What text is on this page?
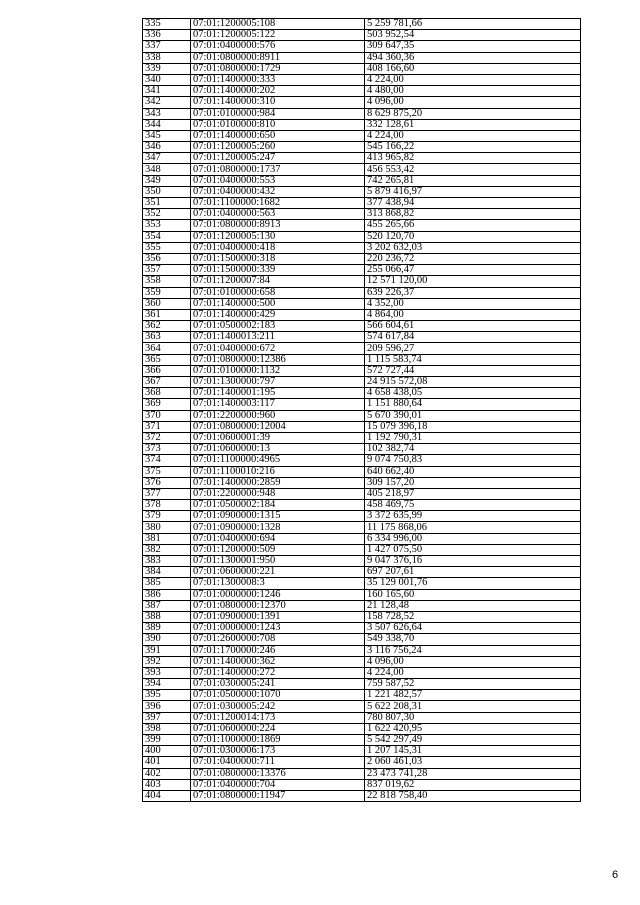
335	07:01:1200005:108	5 259 781,66
336	07:01:1200005:122	503 952,54
337	07:01:0400000:576	309 647,35
338	07:01:0800000:8911	494 360,36
339	07:01:0800000:1729	408 166,60
340	07:01:1400000:333	4 224,00
341	07:01:1400000:202	4 480,00
342	07:01:1400000:310	4 096,00
343	07:01:0100000:984	8 629 875,20
344	07:01:0100000:810	332 128,61
345	07:01:1400000:650	4 224,00
346	07:01:1200005:260	545 166,22
347	07:01:1200005:247	413 965,82
348	07:01:0800000:1737	456 553,42
349	07:01:0400000:553	742 265,81
350	07:01:0400000:432	5 879 416,97
351	07:01:1100000:1682	377 438,94
352	07:01:0400000:563	313 868,82
353	07:01:0800000:8913	455 265,66
354	07:01:1200005:130	520 120,70
355	07:01:0400000:418	3 202 632,03
356	07:01:1500000:318	220 236,72
357	07:01:1500000:339	255 066,47
358	07:01:1200007:84	12 571 120,00
359	07:01:0100000:658	639 226,37
360	07:01:1400000:500	4 352,00
361	07:01:1400000:429	4 864,00
362	07:01:0500002:183	566 604,61
363	07:01:1400013:211	574 617,84
364	07:01:0400000:672	209 596,27
365	07:01:0800000:12386	1 115 583,74
366	07:01:0100000:1132	572 727,44
367	07:01:1300000:797	24 915 572,08
368	07:01:1400001:195	4 658 438,05
369	07:01:1400003:117	1 151 880,64
370	07:01:2200000:960	5 670 390,01
371	07:01:0800000:12004	15 079 396,18
372	07:01:0600001:39	1 192 790,31
373	07:01:0600000:13	102 382,74
374	07:01:1100000:4965	9 074 750,83
375	07:01:1100010:216	640 662,40
376	07:01:1400000:2859	309 157,20
377	07:01:2200000:948	405 218,97
378	07:01:0500002:184	458 469,75
379	07:01:0900000:1315	3 372 635,99
380	07:01:0900000:1328	11 175 868,06
381	07:01:0400000:694	6 334 996,00
382	07:01:1200000:509	1 427 075,50
383	07:01:1300001:950	9 047 376,16
384	07:01:0600000:221	697 207,61
385	07:01:1300008:3	35 129 001,76
386	07:01:0000000:1246	160 165,60
387	07:01:0800000:12370	21 128,48
388	07:01:0900000:1391	158 728,52
389	07:01:0000000:1243	3 507 626,64
390	07:01:2600000:708	549 338,70
391	07:01:1700000:246	3 116 756,24
392	07:01:1400000:362	4 096,00
393	07:01:1400000:272	4 224,00
394	07:01:0300005:241	759 587,52
395	07:01:0500000:1070	1 221 482,57
396	07:01:0300005:242	5 622 208,31
397	07:01:1200014:173	780 807,30
398	07:01:0600000:224	1 622 420,95
399	07:01:1000000:1869	5 542 297,49
400	07:01:0300006:173	1 207 145,31
401	07:01:0400000:711	2 060 461,03
402	07:01:0800000:13376	23 473 741,28
403	07:01:0400000:704	837 019,62
404	07:01:0800000:11947	22 818 758,40
6
